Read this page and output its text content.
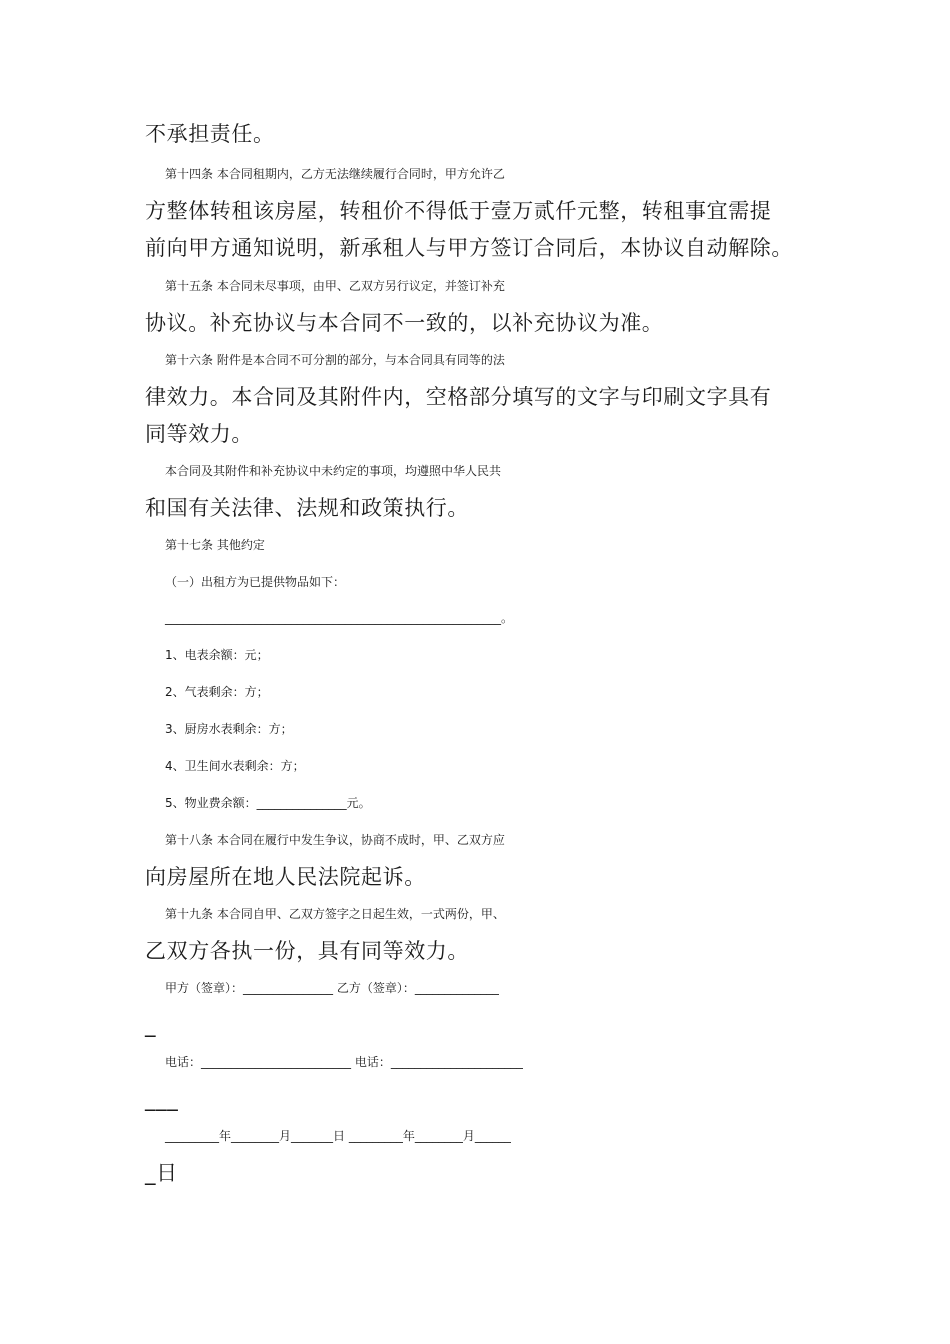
不承担责任。
第十四条 本合同租期内，乙方无法继续履行合同时，甲方允许乙
方整体转租该房屋，转租价不得低于壹万贰仟元整，转租事宜需提
前向甲方通知说明，新承租人与甲方签订合同后，本协议自动解除。
第十五条 本合同未尽事项，由甲、乙双方另行议定，并签订补充
协议。补充协议与本合同不一致的，以补充协议为准。
第十六条 附件是本合同不可分割的部分，与本合同具有同等的法
律效力。本合同及其附件内，空格部分填写的文字与印刷文字具有
同等效力。
本合同及其附件和补充协议中未约定的事项，均遵照中华人民共
和国有关法律、法规和政策执行。
第十七条 其他约定
（一）出租方为已提供物品如下：
________________________________________________________。
1、电表余额：元；
2、气表剩余：方；
3、厨房水表剩余：方；
4、卫生间水表剩余：方；
5、物业费余额：_______________元。
第十八条 本合同在履行中发生争议，协商不成时，甲、乙双方应
向房屋所在地人民法院起诉。
第十九条 本合同自甲、乙双方签字之日起生效，一式两份，甲、
乙双方各执一份，具有同等效力。
甲方（签章）：_______________ 乙方（签章）：______________
_
电话：_________________________ 电话：______________________
___
_________年________月_______日 _________年________月______
_日
